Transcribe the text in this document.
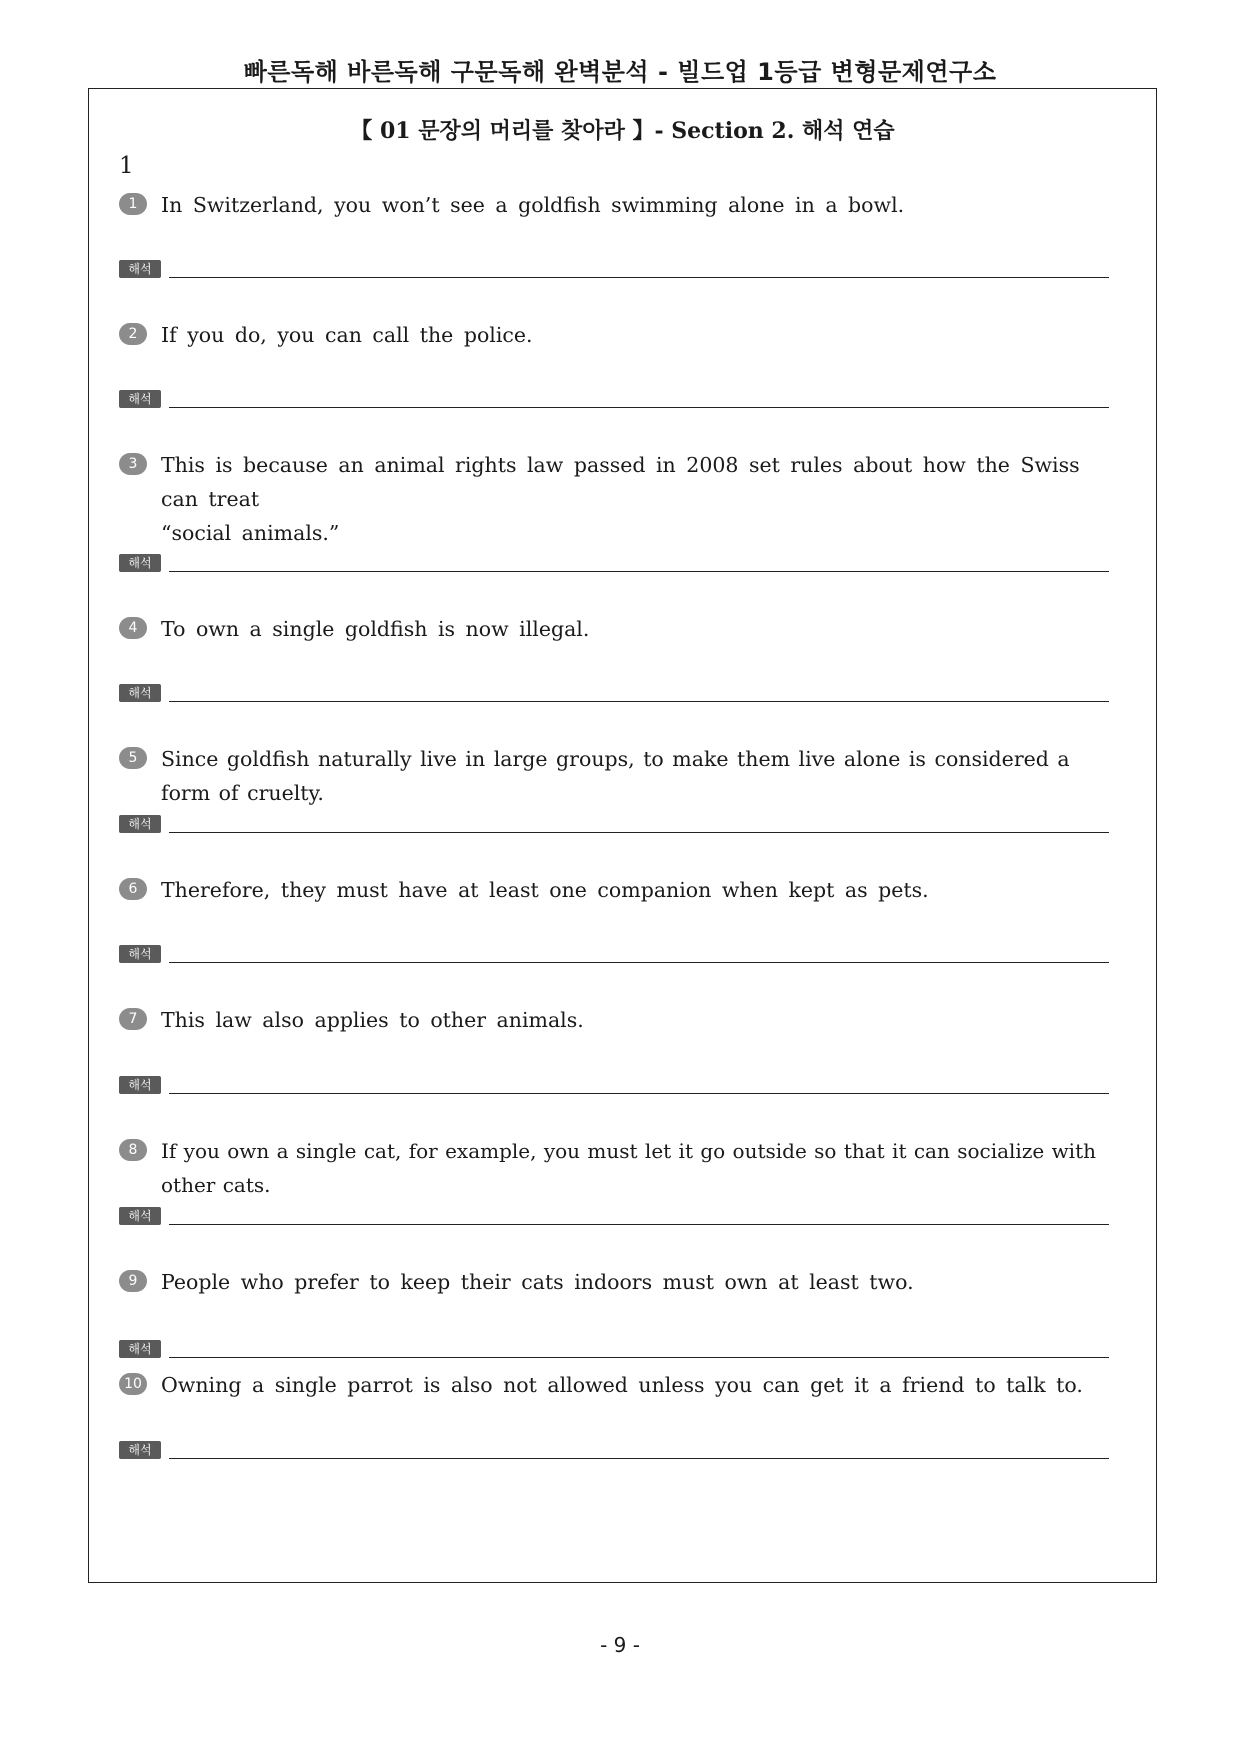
빠른독해 바른독해 구문독해 완벽분석 - 빌드업 1등급 변형문제연구소
【 01 문장의 머리를 찾아라 】- Section 2. 해석 연습
1
1	In Switzerland, you won’t see a goldfish swimming alone in a bowl.
해석
2	If you do, you can call the police.
해석
3	This is because an animal rights law passed in 2008 set rules about how the Swiss can treat
“social animals.”
해석
4	To own a single goldfish is now illegal.
해석
5	Since goldfish naturally live in large groups, to make them live alone is considered a form of cruelty.
해석
6	Therefore, they must have at least one companion when kept as pets.
해석
7	This law also applies to other animals.
해석
8	If you own a single cat, for example, you must let it go outside so that it can socialize with other cats.
해석
9	People who prefer to keep their cats indoors must own at least two.
해석
10 Owning a single parrot is also not allowed unless you can get it a friend to talk to.
해석
- 9 -
